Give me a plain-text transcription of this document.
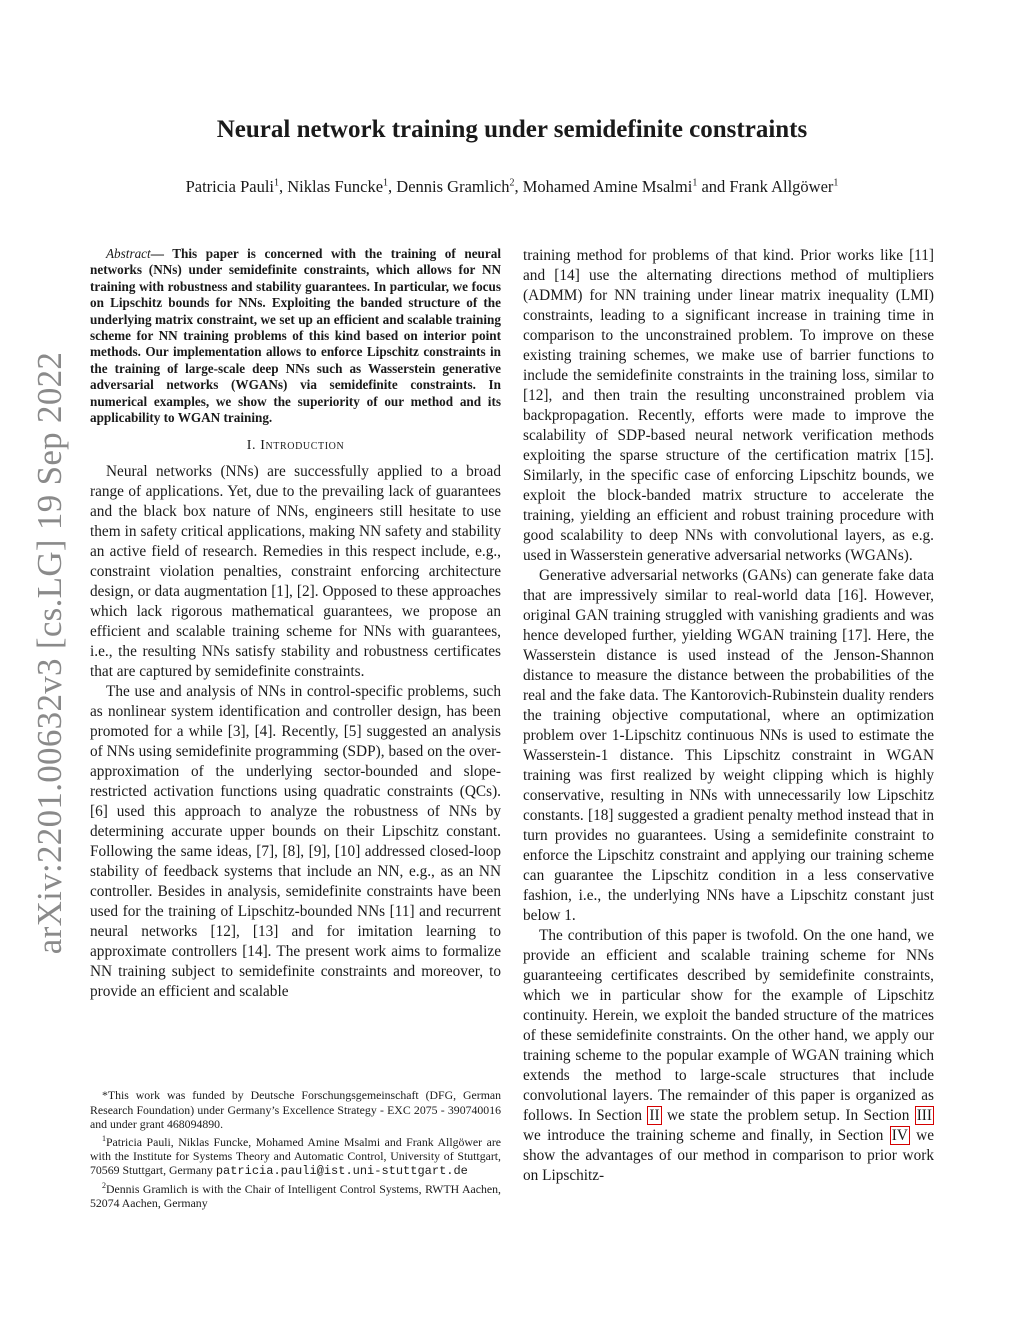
arXiv:2201.00632v3 [cs.LG] 19 Sep 2022
Neural network training under semidefinite constraints

Patricia Pauli$^1$, Niklas Funcke$^1$, Dennis Gramlich$^2$, Mohamed Amine Msalmi$^1$ and Frank Allgöwer$^1$

Abstract— This paper is concerned with the training of neural networks (NNs) under semidefinite constraints, which allows for NN training with robustness and stability guarantees. In particular, we focus on Lipschitz bounds for NNs. Exploiting the banded structure of the underlying matrix constraint, we set up an efficient and scalable training scheme for NN training problems of this kind based on interior point methods. Our implementation allows to enforce Lipschitz constraints in the training of large-scale deep NNs such as Wasserstein generative adversarial networks (WGANs) via semidefinite constraints. In numerical examples, we show the superiority of our method and its applicability to WGAN training.

I. Introduction

Neural networks (NNs) are successfully applied to a broad range of applications. Yet, due to the prevailing lack of guarantees and the black box nature of NNs, engineers still hesitate to use them in safety critical applications, making NN safety and stability an active field of research. Remedies in this respect include, e.g., constraint violation penalties, constraint enforcing architecture design, or data augmentation [1], [2]. Opposed to these approaches which lack rigorous mathematical guarantees, we propose an efficient and scalable training scheme for NNs with guarantees, i.e., the resulting NNs satisfy stability and robustness certificates that are captured by semidefinite constraints.

The use and analysis of NNs in control-specific problems, such as nonlinear system identification and controller design, has been promoted for a while [3], [4]. Recently, [5] suggested an analysis of NNs using semidefinite programming (SDP), based on the over-approximation of the underlying sector-bounded and slope-restricted activation functions using quadratic constraints (QCs). [6] used this approach to analyze the robustness of NNs by determining accurate upper bounds on their Lipschitz constant. Following the same ideas, [7], [8], [9], [10] addressed closed-loop stability of feedback systems that include an NN, e.g., as an NN controller. Besides in analysis, semidefinite constraints have been used for the training of Lipschitz-bounded NNs [11] and recurrent neural networks [12], [13] and for imitation learning to approximate controllers [14]. The present work aims to formalize NN training subject to semidefinite constraints and moreover, to provide an efficient and scalable

*This work was funded by Deutsche Forschungsgemeinschaft (DFG, German Research Foundation) under Germany’s Excellence Strategy - EXC 2075 - 390740016 and under grant 468094890.

$^1$Patricia Pauli, Niklas Funcke, Mohamed Amine Msalmi and Frank Allgöwer are with the Institute for Systems Theory and Automatic Control, University of Stuttgart, 70569 Stuttgart, Germany patricia.pauli@ist.uni-stuttgart.de

$^2$Dennis Gramlich is with the Chair of Intelligent Control Systems, RWTH Aachen, 52074 Aachen, Germany

training method for problems of that kind. Prior works like [11] and [14] use the alternating directions method of multipliers (ADMM) for NN training under linear matrix inequality (LMI) constraints, leading to a significant increase in training time in comparison to the unconstrained problem. To improve on these existing training schemes, we make use of barrier functions to include the semidefinite constraints in the training loss, similar to [12], and then train the resulting unconstrained problem via backpropagation. Recently, efforts were made to improve the scalability of SDP-based neural network verification methods exploiting the sparse structure of the certification matrix [15]. Similarly, in the specific case of enforcing Lipschitz bounds, we exploit the block-banded matrix structure to accelerate the training, yielding an efficient and robust training procedure with good scalability to deep NNs with convolutional layers, as e.g. used in Wasserstein generative adversarial networks (WGANs).

Generative adversarial networks (GANs) can generate fake data that are impressively similar to real-world data [16]. However, original GAN training struggled with vanishing gradients and was hence developed further, yielding WGAN training [17]. Here, the Wasserstein distance is used instead of the Jenson-Shannon distance to measure the distance between the probabilities of the real and the fake data. The Kantorovich-Rubinstein duality renders the training objective computational, where an optimization problem over 1-Lipschitz continuous NNs is used to estimate the Wasserstein-1 distance. This Lipschitz constraint in WGAN training was first realized by weight clipping which is highly conservative, resulting in NNs with unnecessarily low Lipschitz constants. [18] suggested a gradient penalty method instead that in turn provides no guarantees. Using a semidefinite constraint to enforce the Lipschitz constraint and applying our training scheme can guarantee the Lipschitz condition in a less conservative fashion, i.e., the underlying NNs have a Lipschitz constant just below 1.

The contribution of this paper is twofold. On the one hand, we provide an efficient and scalable training scheme for NNs guaranteeing certificates described by semidefinite constraints, which we in particular show for the example of Lipschitz continuity. Herein, we exploit the banded structure of the matrices of these semidefinite constraints. On the other hand, we apply our training scheme to the popular example of WGAN training which extends the method to large-scale structures that include convolutional layers. The remainder of this paper is organized as follows. In Section II we state the problem setup. In Section III we introduce the training scheme and finally, in Section IV we show the advantages of our method in comparison to prior work on Lipschitz-
